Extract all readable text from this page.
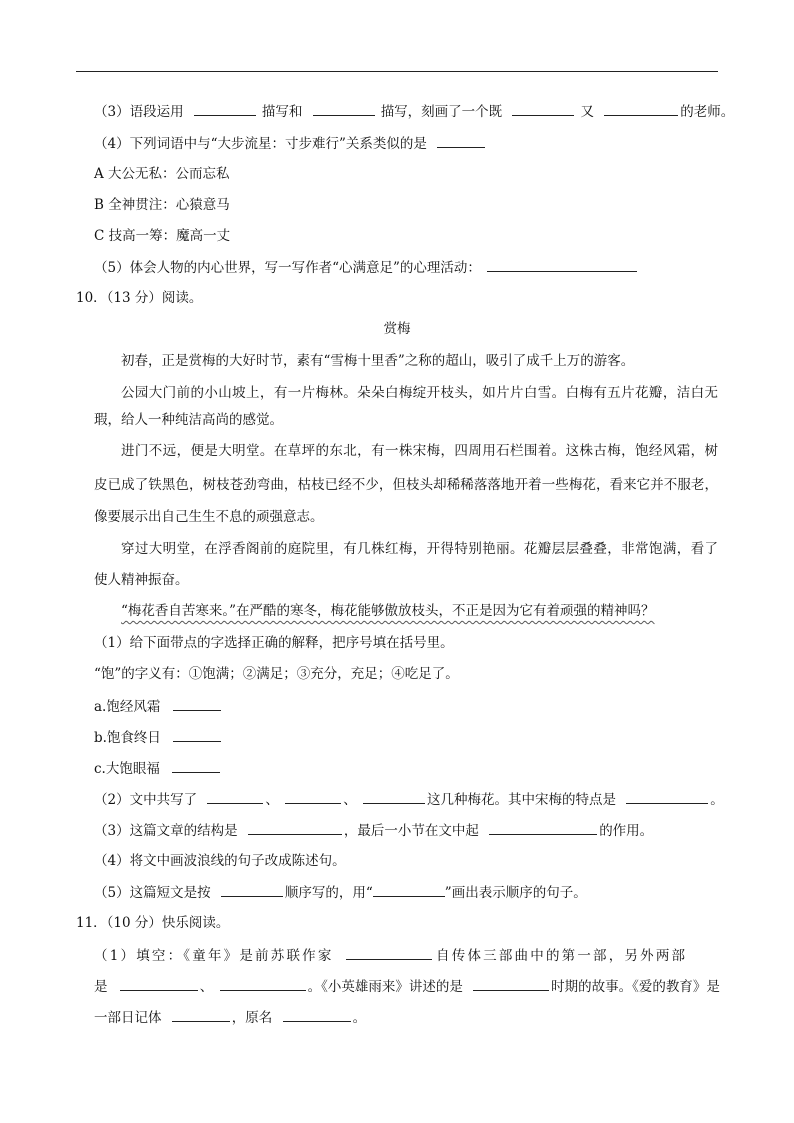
（3）语段运用	描写和	描写，刻画了一个既	又	的老师。
（4）下列词语中与“大步流星：寸步难行”关系类似的是
A 大公无私：公而忘私
B 全神贯注：心猿意马
C 技高一筹：魔高一丈
（5）体会人物的内心世界，写一写作者“心满意足”的心理活动：
10．（13 分）阅读。
赏梅
初春，正是赏梅的大好时节，素有“雪梅十里香”之称的超山，吸引了成千上万的游客。
公园大门前的小山坡上，有一片梅林。朵朵白梅绽开枝头，如片片白雪。白梅有五片花瓣，洁白无
瑕，给人一种纯洁高尚的感觉。
进门不远，便是大明堂。在草坪的东北，有一株宋梅，四周用石栏围着。这株古梅，饱经风霜，树
皮已成了铁黑色，树枝苍劲弯曲，枯枝已经不少，但枝头却稀稀落落地开着一些梅花，看来它并不服老，
像要展示出自己生生不息的顽强意志。
穿过大明堂，在浮香阁前的庭院里，有几株红梅，开得特别艳丽。花瓣层层叠叠，非常饱满，看了
使人精神振奋。
“梅花香自苦寒来。”在严酷的寒冬，梅花能够傲放枝头，不正是因为它有着顽强的精神吗？
（1）给下面带点的字选择正确的解释，把序号填在括号里。
“饱”的字义有：①饱满；②满足；③充分，充足；④吃足了。
a.饱经风霜
b.饱食终日
c.大饱眼福
（2）文中共写了	、	、	这几种梅花。其中宋梅的特点是	。
（3）这篇文章的结构是	，最后一小节在文中起	的作用。
（4）将文中画波浪线的句子改成陈述句。
（5）这篇短文是按	顺序写的，用“	”画出表示顺序的句子。
11．（10 分）快乐阅读。
（1）填空：《童年》是前苏联作家	自传体三部曲中的第一部，另外两部
是	、	。《小英雄雨来》讲述的是	时期的故事。《爱的教育》是
一部日记体	，原名	。
